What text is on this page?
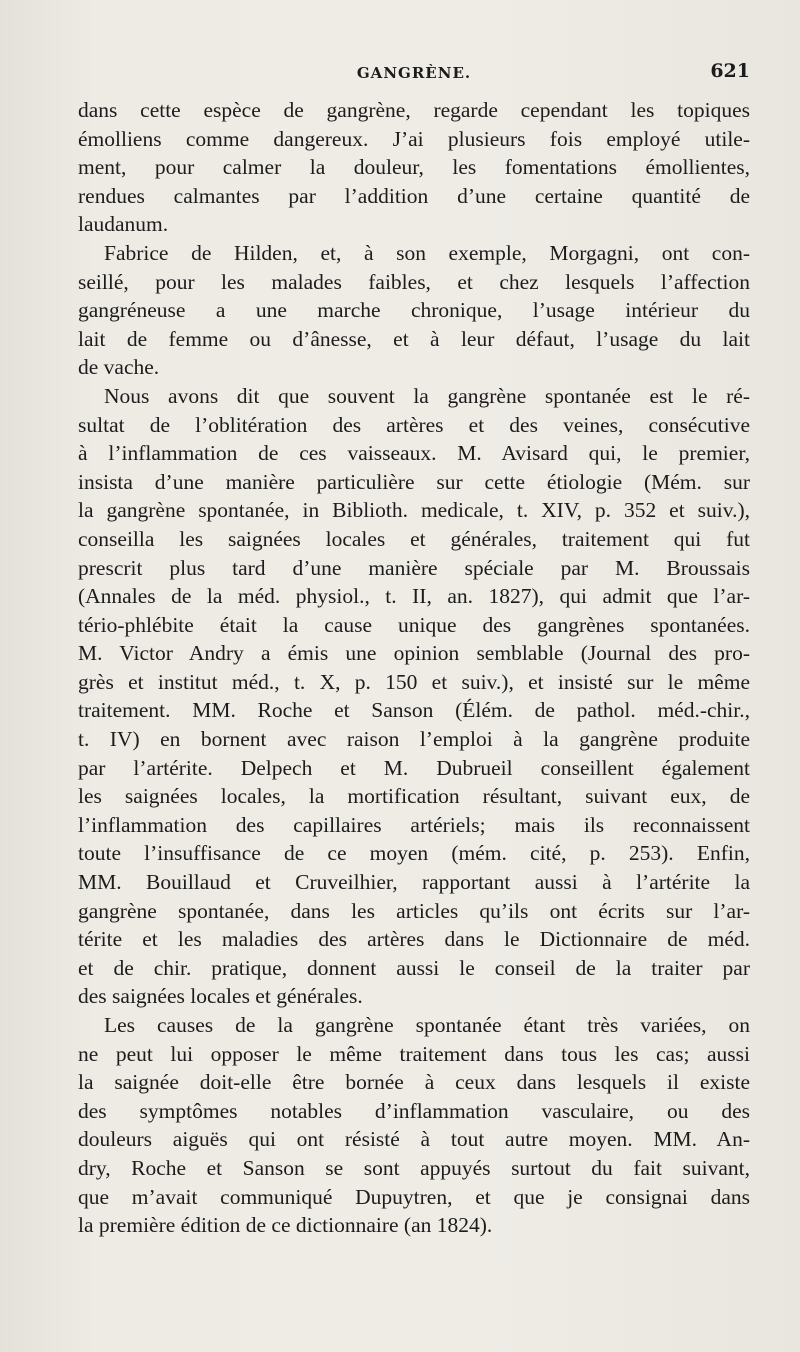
GANGRÈNE.	621
dans cette espèce de gangrène, regarde cependant les topiques
émolliens comme dangereux. J’ai plusieurs fois employé utile-
ment, pour calmer la douleur, les fomentations émollientes,
rendues calmantes par l’addition d’une certaine quantité de
laudanum.
Fabrice de Hilden, et, à son exemple, Morgagni, ont con-
seillé, pour les malades faibles, et chez lesquels l’affection
gangréneuse a une marche chronique, l’usage intérieur du
lait de femme ou d’ânesse, et à leur défaut, l’usage du lait
de vache.
Nous avons dit que souvent la gangrène spontanée est le ré-
sultat de l’oblitération des artères et des veines, consécutive
à l’inflammation de ces vaisseaux. M. Avisard qui, le premier,
insista d’une manière particulière sur cette étiologie (Mém. sur
la gangrène spontanée, in Biblioth. medicale, t. XIV, p. 352 et suiv.),
conseilla les saignées locales et générales, traitement qui fut
prescrit plus tard d’une manière spéciale par M. Broussais
(Annales de la méd. physiol., t. II, an. 1827), qui admit que l’ar-
tério-phlébite était la cause unique des gangrènes spontanées.
M. Victor Andry a émis une opinion semblable (Journal des pro-
grès et institut méd., t. X, p. 150 et suiv.), et insisté sur le même
traitement. MM. Roche et Sanson (Élém. de pathol. méd.-chir.,
t. IV) en bornent avec raison l’emploi à la gangrène produite
par l’artérite. Delpech et M. Dubrueil conseillent également
les saignées locales, la mortification résultant, suivant eux, de
l’inflammation des capillaires artériels; mais ils reconnaissent
toute l’insuffisance de ce moyen (mém. cité, p. 253). Enfin,
MM. Bouillaud et Cruveilhier, rapportant aussi à l’artérite la
gangrène spontanée, dans les articles qu’ils ont écrits sur l’ar-
térite et les maladies des artères dans le Dictionnaire de méd.
et de chir. pratique, donnent aussi le conseil de la traiter par
des saignées locales et générales.
Les causes de la gangrène spontanée étant très variées, on
ne peut lui opposer le même traitement dans tous les cas; aussi
la saignée doit-elle être bornée à ceux dans lesquels il existe
des symptômes notables d’inflammation vasculaire, ou des
douleurs aiguës qui ont résisté à tout autre moyen. MM. An-
dry, Roche et Sanson se sont appuyés surtout du fait suivant,
que m’avait communiqué Dupuytren, et que je consignai dans
la première édition de ce dictionnaire (an 1824).
